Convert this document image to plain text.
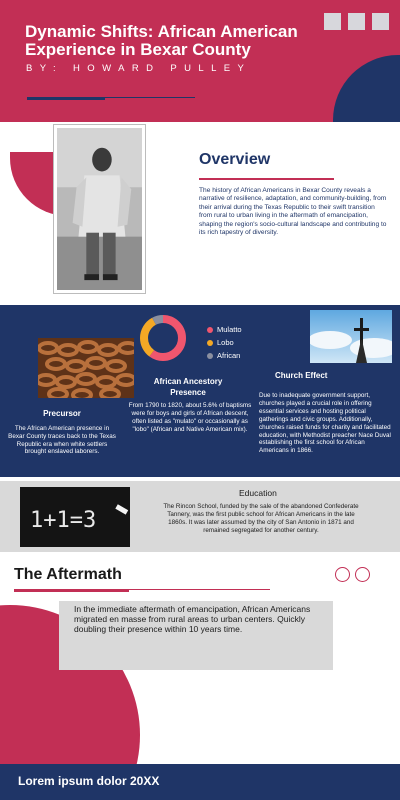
Dynamic Shifts: African American Experience in Bexar County
BY: HOWARD PULLEY
Overview
The history of African Americans in Bexar County reveals a narrative of resilience, adaptation, and community-building, from their arrival during the Texas Republic to their swift transition from rural to urban living in the aftermath of emancipation, shaping the region's socio-cultural landscape and contributing to its rich tapestry of diversity.
Precursor
The African American presence in Bexar County traces back to the Texas Republic era when white settlers brought enslaved laborers.
Mulatto
Lobo
African
African Ancestory Presence
From 1790 to 1820, about 5.6% of baptisms were for boys and girls of African descent, often listed as "mulato" or occasionally as "lobo" (African and Native American mix).
Church Effect
Due to inadequate government support, churches played a crucial role in offering essential services and hosting political gatherings and civic groups. Additionally, churches raised funds for charity and facilitated education, with Methodist preacher Nace Duval establishing the first school for African Americans in 1866.
1+1=3
Education
The Rincon School, funded by the sale of the abandoned Confederate Tannery, was the first public school for African Americans in the late 1860s. It was later assumed by the city of San Antonio in 1871 and remained segregated for another century.
The Aftermath
In the immediate aftermath of emancipation, African Americans migrated en masse from rural areas to urban centers. Quickly doubling their presence within 10 years time.
Lorem ipsum dolor 20XX
